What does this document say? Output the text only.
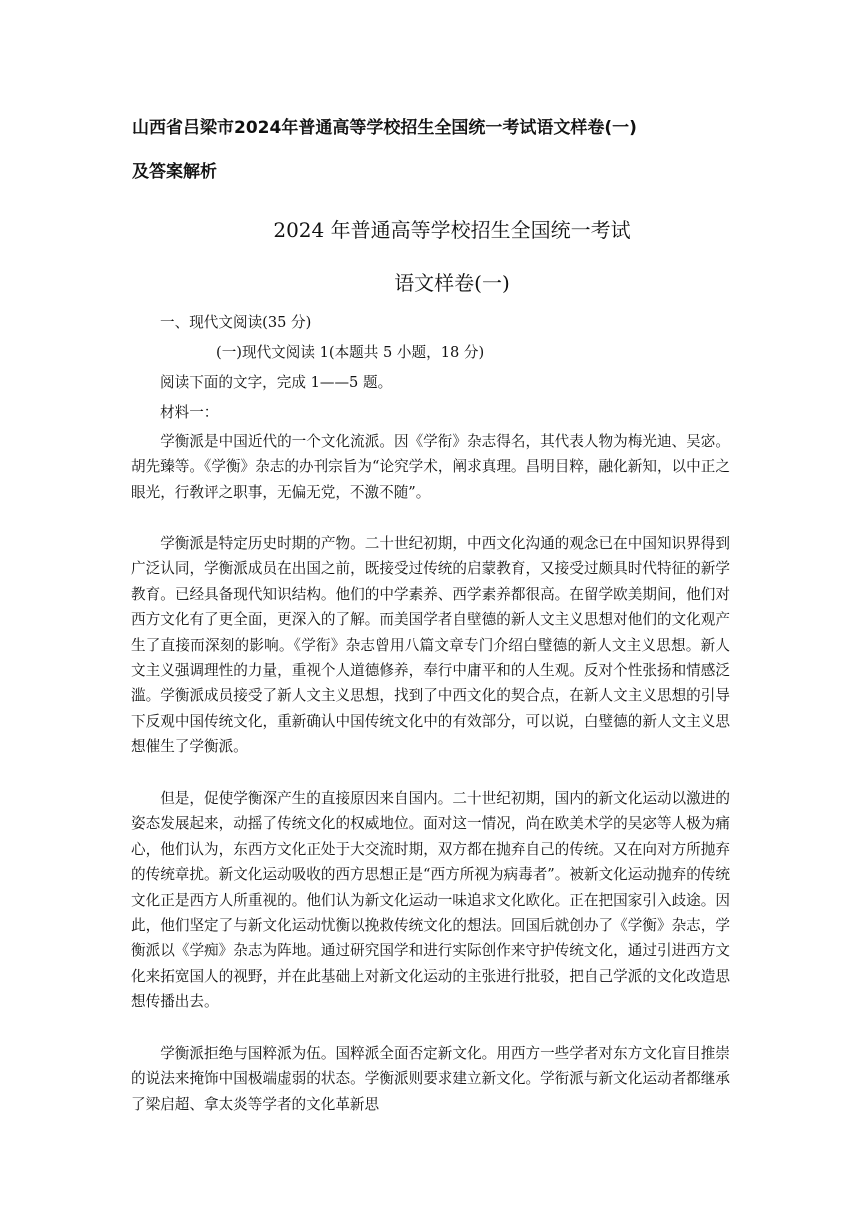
山西省吕梁市2024年普通高等学校招生全国统一考试语文样卷(一)
及答案解析
2024 年普通高等学校招生全国统一考试
语文样卷(一)
一、现代文阅读(35 分)
(一)现代文阅读 1(本题共 5 小题，18 分)
阅读下面的文字，完成 1——5 题。
材料一：

学衡派是中国近代的一个文化流派。因《学衔》杂志得名，其代表人物为梅光迪、吴宓。胡先臻等。《学衡》杂志的办刊宗旨为“论究学术，阐求真理。昌明目粹，融化新知，以中正之眼光，行敎评之职事，无偏无党，不激不随”。

学衡派是特定历史时期的产物。二十世纪初期，中西文化沟通的观念已在中国知识界得到广泛认同，学衡派成员在出国之前，既接受过传统的启蒙教育，又接受过颇具时代特征的新学教育。已经具备现代知识结构。他们的中学素养、西学素养都很高。在留学欧美期间，他们对西方文化有了更全面，更深入的了解。而美国学者自壁德的新人文主义思想对他们的文化观产生了直接而深刻的影响。《学衔》杂志曾用八篇文章专门介绍白璧德的新人文主义思想。新人文主义强调理性的力量，重视个人道德修养，奉行中庸平和的人生观。反对个性张扬和情感泛滥。学衡派成员接受了新人文主义思想，找到了中西文化的契合点，在新人文主义思想的引导下反观中国传统文化，重新确认中国传统文化中的有效部分，可以说，白璧德的新人文主义思想催生了学衡派。

但是，促使学衡深产生的直接原因来自国内。二十世纪初期，国内的新文化运动以激进的姿态发展起来，动摇了传统文化的权威地位。面对这一情况，尚在欧美术学的吴宓等人极为痛心，他们认为，东西方文化正处于大交流时期，双方都在抛弃自己的传统。又在向对方所抛弃的传统章扰。新文化运动吸收的西方思想正是“西方所视为病毒者”。被新文化运动抛弃的传统文化正是西方人所重视的。他们认为新文化运动一味追求文化欧化。正在把国家引入歧途。因此，他们坚定了与新文化运动忧衡以挽救传统文化的想法。回国后就创办了《学衡》杂志，学衡派以《学痴》杂志为阵地。通过研究国学和进行实际创作来守护传统文化，通过引进西方文化来拓宽国人的视野，并在此基础上对新文化运动的主张进行批驳，把自己学派的文化改造思想传播出去。

学衡派拒绝与国粹派为伍。国粹派全面否定新文化。用西方一些学者对东方文化盲目推崇的说法来掩饰中国极端虚弱的状态。学衡派则要求建立新文化。学衔派与新文化运动者都继承了梁启超、拿太炎等学者的文化革新思
